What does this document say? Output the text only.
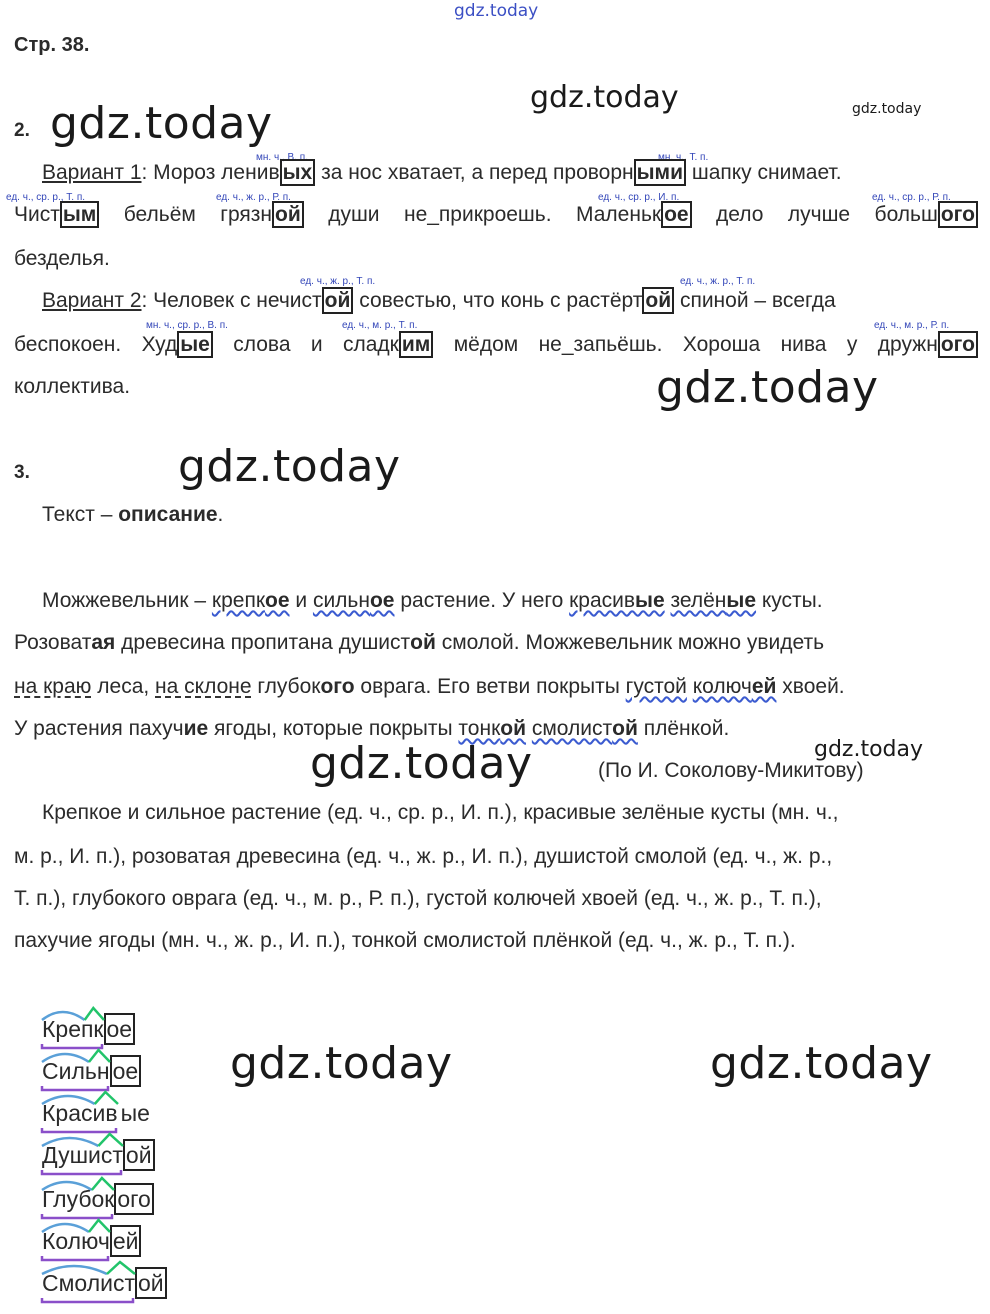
gdz.today
gdz.today	gdz.today
gdz.today
gdz.today
gdz.today
gdz.today	gdz.today
gdz.today	gdz.today
Стр. 38.
2.
мн. ч., В. п.	мн. ч., Т. п.
ед. ч., ср. р., Т. п.	ед. ч., ж. р., Р. п.	ед. ч., ср. р., И. п.	ед. ч., ср. р., Р. п.
ед. ч., ж. р., Т. п.	ед. ч., ж. р., Т. п.
мн. ч., ср. р., В. п.	ед. ч., м. р., Т. п.	ед. ч., м. р., Р. п.
Вариант 1: Мороз ленив ых за нос хватает, а перед проворн ыми шапку снимает.
Чист ым бельём грязн ой души не_прикроешь. Маленьк ое дело лучше больш ого
безделья.
Вариант 2: Человек с нечист ой совестью, что конь с растёрт ой спиной – всегда
беспокоен. Худ ые слова и сладк им мёдом не_запьёшь. Хороша нива у дружн ого
коллектива.
3.
Текст – описание.
Можжевельник – крепкое и сильное растение. У него красивые зелёные кусты.
Розоватая древесина пропитана душистой смолой. Можжевельник можно увидеть
на краю леса, на склоне глубокого оврага. Его ветви покрыты густой колючей хвоей.
У растения пахучие ягоды, которые покрыты тонкой смолистой плёнкой.
(По И. Соколову-Микитову)
Крепкое и сильное растение (ед. ч., ср. р., И. п.), красивые зелёные кусты (мн. ч.,
м. р., И. п.), розоватая древесина (ед. ч., ж. р., И. п.), душистой смолой (ед. ч., ж. р.,
Т. п.), глубокого оврага (ед. ч., м. р., Р. п.), густой колючей хвоей (ед. ч., ж. р., Т. п.),
пахучие ягоды (мн. ч., ж. р., И. п.), тонкой смолистой плёнкой (ед. ч., ж. р., Т. п.).
Крепк ое
Сильн ое
Красив ые
Душист ой
Глубок ого
Колюч ей
Смолист ой
